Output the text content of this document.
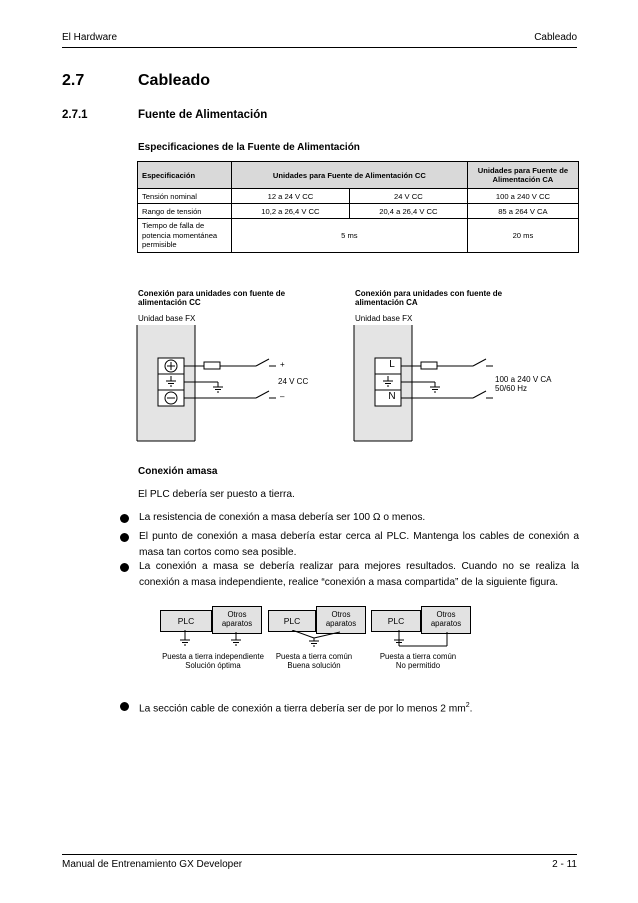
El Hardware	Cableado
2.7	Cableado
2.7.1	Fuente de Alimentación
Especificaciones de la Fuente de Alimentación
Especificación	Unidades para Fuente de Alimentación CC		Unidades para Fuente de Alimentación CA
Tensión nominal	12 a 24 V CC	24 V CC	100 a 240 V CC
Rango de tensión	10,2 a 26,4 V CC	20,4 a 26,4 V CC	85 a 264 V CA

Tiempo de falla de
potencia momentánea
permisible	5 ms		20 ms
Conexión para unidades con fuente de
alimentación CC
Unidad base FX
+
24 V CC
–
Conexión para unidades con fuente de
alimentación CA
Unidad base FX
L
N
100 a 240 V CA
50/60 Hz
Conexión amasa
El PLC debería ser puesto a tierra.
La resistencia de conexión a masa debería ser 100 Ω o menos.
El punto de conexión a masa debería estar cerca al PLC. Mantenga los cables de conexión a masa tan cortos como sea posible.
La conexión a masa se debería realizar para mejores resultados. Cuando no se realiza la conexión a masa independiente, realice “conexión a masa compartida” de la siguiente figura.
PLC
Otros
aparatos
Puesta a tierra independiente
Solución óptima
PLC
Otros
aparatos
Puesta a tierra común
Buena solución
PLC
Otros
aparatos
Puesta a tierra común
No permitido
La sección cable de conexión a tierra debería ser de por lo menos 2 $mm^2$.
Manual de Entrenamiento GX Developer	2 - 11
